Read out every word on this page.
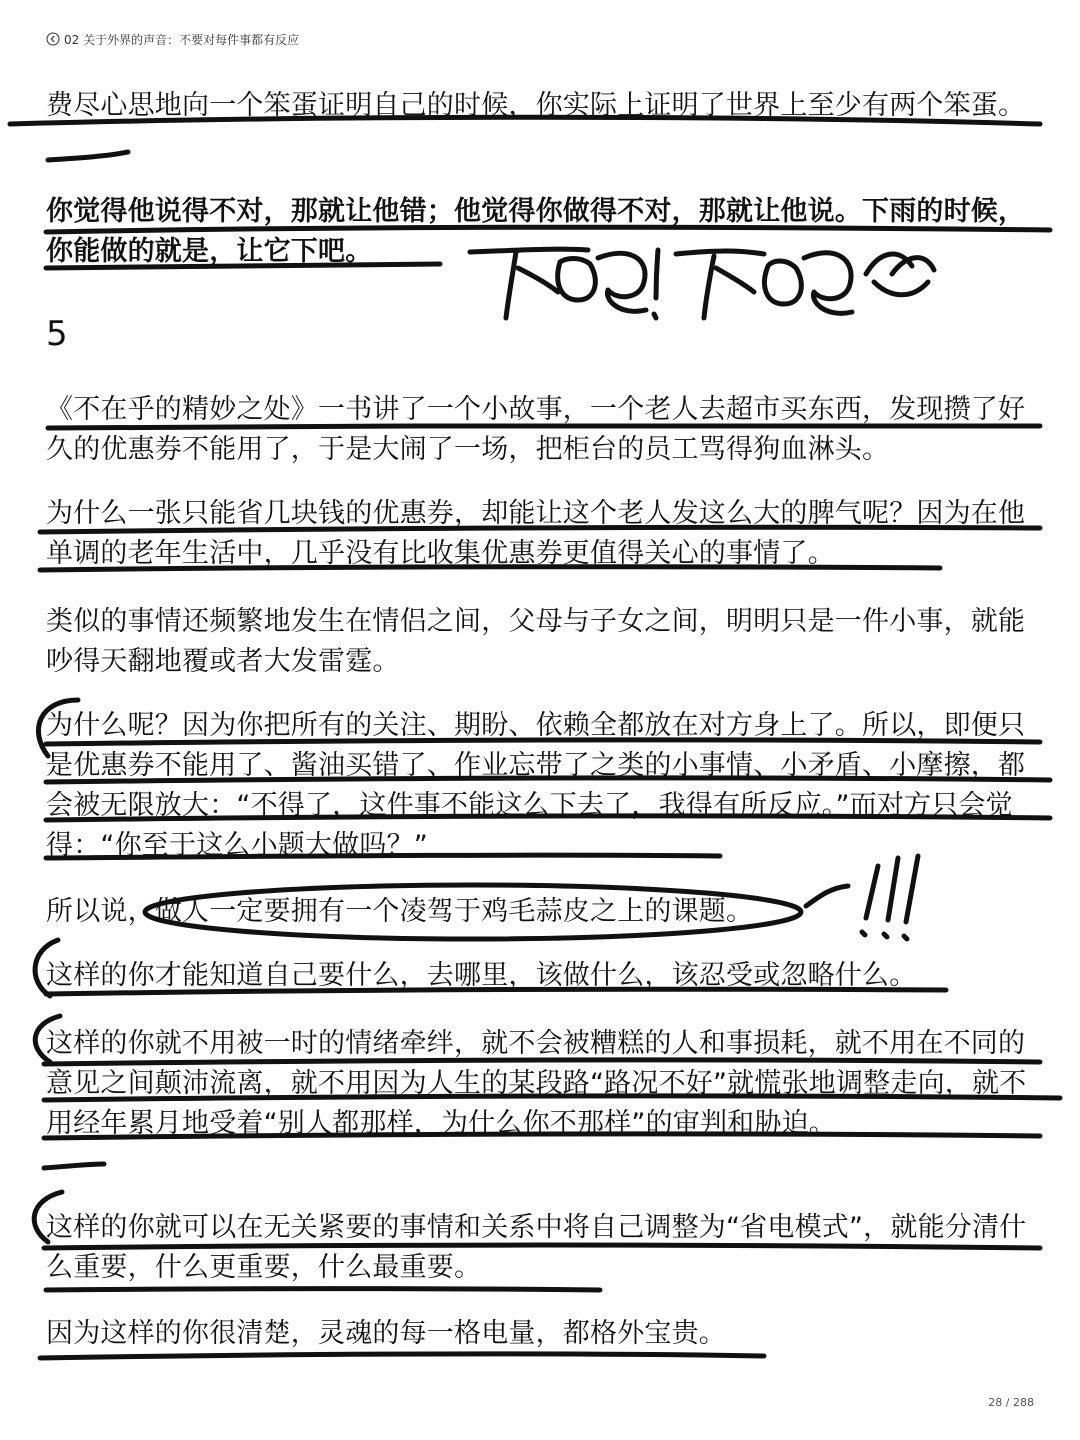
02 关于外界的声音：不要对每件事都有反应

费尽心思地向一个笨蛋证明自己的时候，你实际上证明了世界上至少有两个笨蛋。

你觉得他说得不对，那就让他错；他觉得你做得不对，那就让他说。下雨的时候，你能做的就是，让它下吧。

5

《不在乎的精妙之处》一书讲了一个小故事，一个老人去超市买东西，发现攒了好久的优惠券不能用了，于是大闹了一场，把柜台的员工骂得狗血淋头。

为什么一张只能省几块钱的优惠券，却能让这个老人发这么大的脾气呢？因为在他单调的老年生活中，几乎没有比收集优惠券更值得关心的事情了。

类似的事情还频繁地发生在情侣之间，父母与子女之间，明明只是一件小事，就能吵得天翻地覆或者大发雷霆。

为什么呢？因为你把所有的关注、期盼、依赖全都放在对方身上了。所以，即便只是优惠券不能用了、酱油买错了、作业忘带了之类的小事情、小矛盾、小摩擦，都会被无限放大：“不得了，这件事不能这么下去了，我得有所反应。”而对方只会觉得：“你至于这么小题大做吗？”

所以说，做人一定要拥有一个凌驾于鸡毛蒜皮之上的课题。

这样的你才能知道自己要什么，去哪里，该做什么，该忍受或忽略什么。

这样的你就不用被一时的情绪牵绊，就不会被糟糕的人和事损耗，就不用在不同的意见之间颠沛流离，就不用因为人生的某段路“路况不好”就慌张地调整走向，就不用经年累月地受着“别人都那样，为什么你不那样”的审判和胁迫。

这样的你就可以在无关紧要的事情和关系中将自己调整为“省电模式”，就能分清什么重要，什么更重要，什么最重要。

因为这样的你很清楚，灵魂的每一格电量，都格外宝贵。

28 / 288
